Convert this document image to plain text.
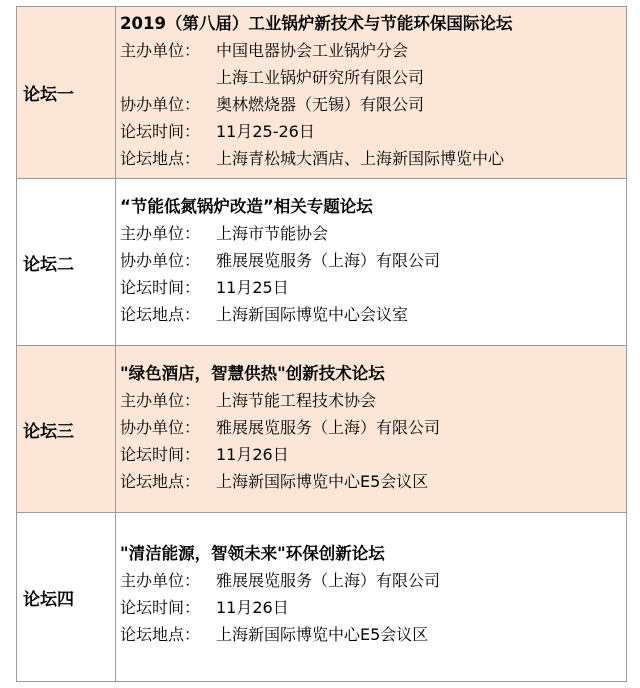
论坛一
2019（第八届）工业锅炉新技术与节能环保国际论坛
主办单位： 中国电器协会工业锅炉分会
上海工业锅炉研究所有限公司
协办单位： 奥林燃烧器（无锡）有限公司
论坛时间： 11月25-26日
论坛地点： 上海青松城大酒店、上海新国际博览中心
论坛二
“节能低氮锅炉改造”相关专题论坛
主办单位： 上海市节能协会
协办单位： 雅展展览服务（上海）有限公司
论坛时间： 11月25日
论坛地点： 上海新国际博览中心会议室
论坛三
"绿色酒店，智慧供热"创新技术论坛
主办单位： 上海节能工程技术协会
协办单位： 雅展展览服务（上海）有限公司
论坛时间： 11月26日
论坛地点： 上海新国际博览中心E5会议区
论坛四
"清洁能源，智领未来"环保创新论坛
主办单位： 雅展展览服务（上海）有限公司
论坛时间： 11月26日
论坛地点： 上海新国际博览中心E5会议区
